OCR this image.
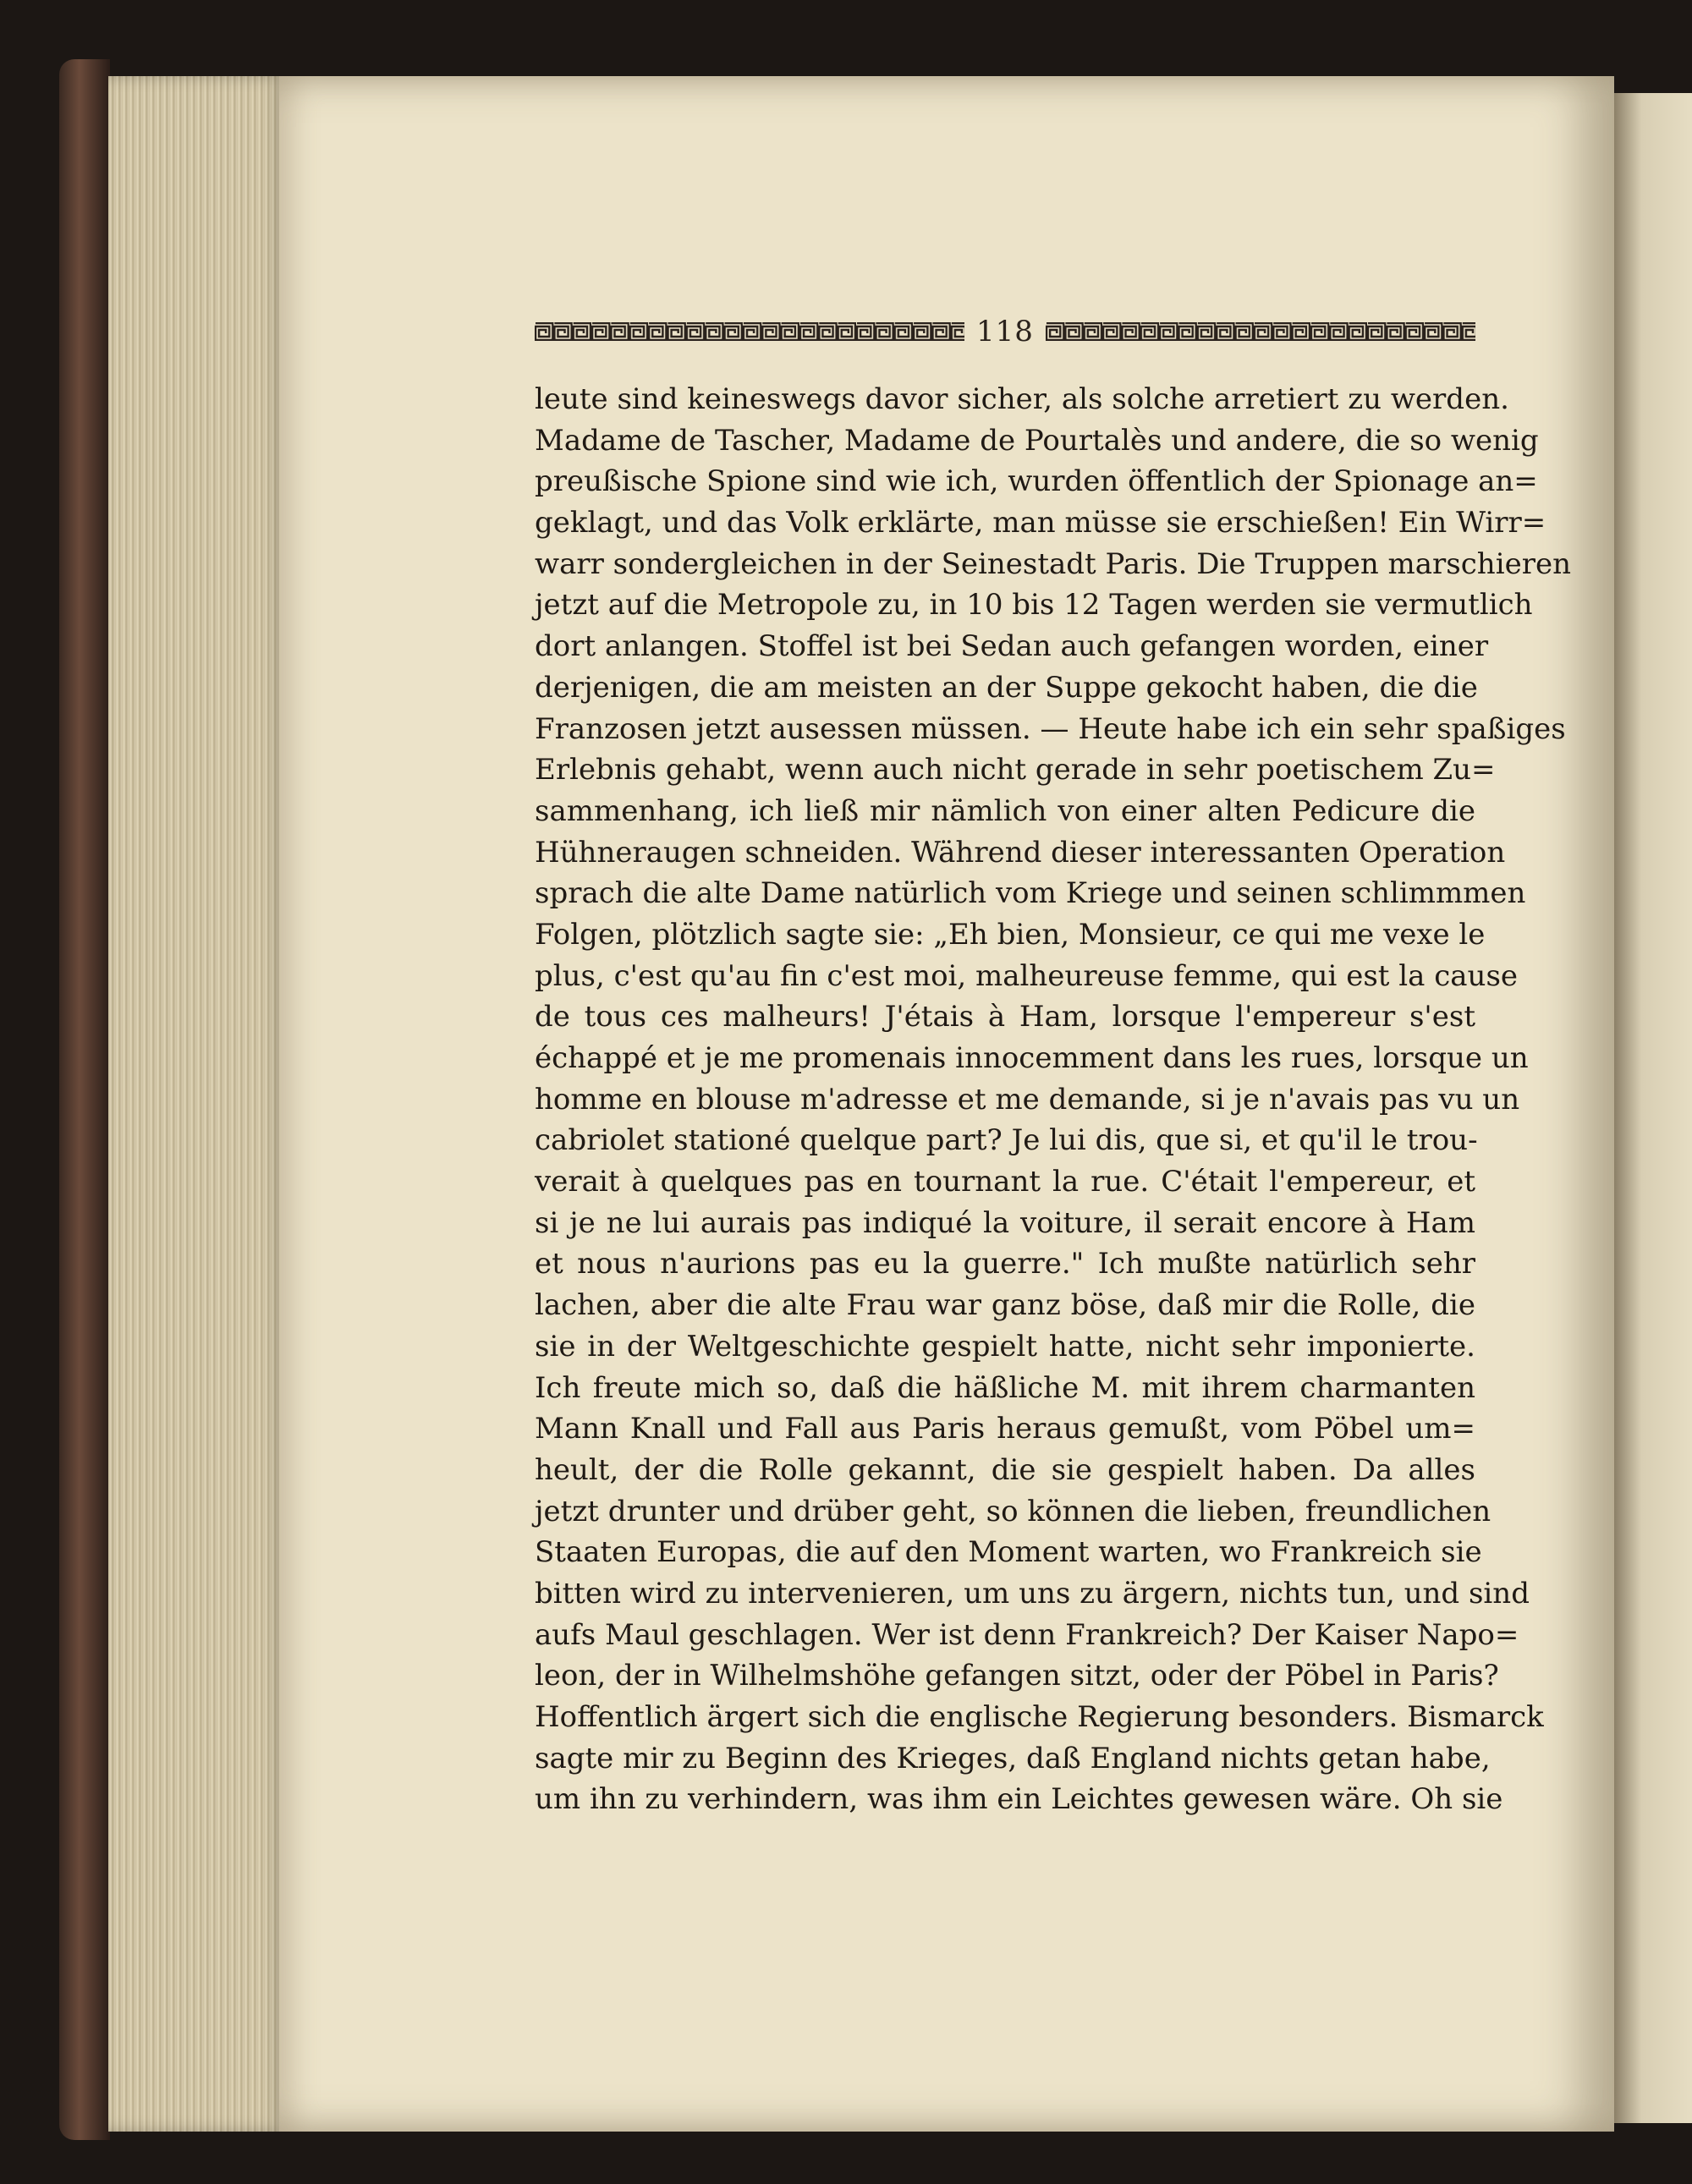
118
leute sind keineswegs davor sicher, als solche arretiert zu werden.
Madame de Tascher, Madame de Pourtalès und andere, die so wenig
preußische Spione sind wie ich, wurden öffentlich der Spionage an=
geklagt, und das Volk erklärte, man müsse sie erschießen! Ein Wirr=
warr sondergleichen in der Seinestadt Paris. Die Truppen marschieren
jetzt auf die Metropole zu, in 10 bis 12 Tagen werden sie vermutlich
dort anlangen. Stoffel ist bei Sedan auch gefangen worden, einer
derjenigen, die am meisten an der Suppe gekocht haben, die die
Franzosen jetzt ausessen müssen. — Heute habe ich ein sehr spaßiges
Erlebnis gehabt, wenn auch nicht gerade in sehr poetischem Zu=
sammenhang, ich ließ mir nämlich von einer alten Pedicure die
Hühneraugen schneiden. Während dieser interessanten Operation
sprach die alte Dame natürlich vom Kriege und seinen schlimmmen
Folgen, plötzlich sagte sie: „Eh bien, Monsieur, ce qui me vexe le
plus, c'est qu'au fin c'est moi, malheureuse femme, qui est la cause
de tous ces malheurs! J'étais à Ham, lorsque l'empereur s'est
échappé et je me promenais innocemment dans les rues, lorsque un
homme en blouse m'adresse et me demande, si je n'avais pas vu un
cabriolet stationé quelque part? Je lui dis, que si, et qu'il le trou-
verait à quelques pas en tournant la rue. C'était l'empereur, et
si je ne lui aurais pas indiqué la voiture, il serait encore à Ham
et nous n'aurions pas eu la guerre." Ich mußte natürlich sehr
lachen, aber die alte Frau war ganz böse, daß mir die Rolle, die
sie in der Weltgeschichte gespielt hatte, nicht sehr imponierte.
Ich freute mich so, daß die häßliche M. mit ihrem charmanten
Mann Knall und Fall aus Paris heraus gemußt, vom Pöbel um=
heult, der die Rolle gekannt, die sie gespielt haben. Da alles
jetzt drunter und drüber geht, so können die lieben, freundlichen
Staaten Europas, die auf den Moment warten, wo Frankreich sie
bitten wird zu intervenieren, um uns zu ärgern, nichts tun, und sind
aufs Maul geschlagen. Wer ist denn Frankreich? Der Kaiser Napo=
leon, der in Wilhelmshöhe gefangen sitzt, oder der Pöbel in Paris?
Hoffentlich ärgert sich die englische Regierung besonders. Bismarck
sagte mir zu Beginn des Krieges, daß England nichts getan habe,
um ihn zu verhindern, was ihm ein Leichtes gewesen wäre. Oh sie
